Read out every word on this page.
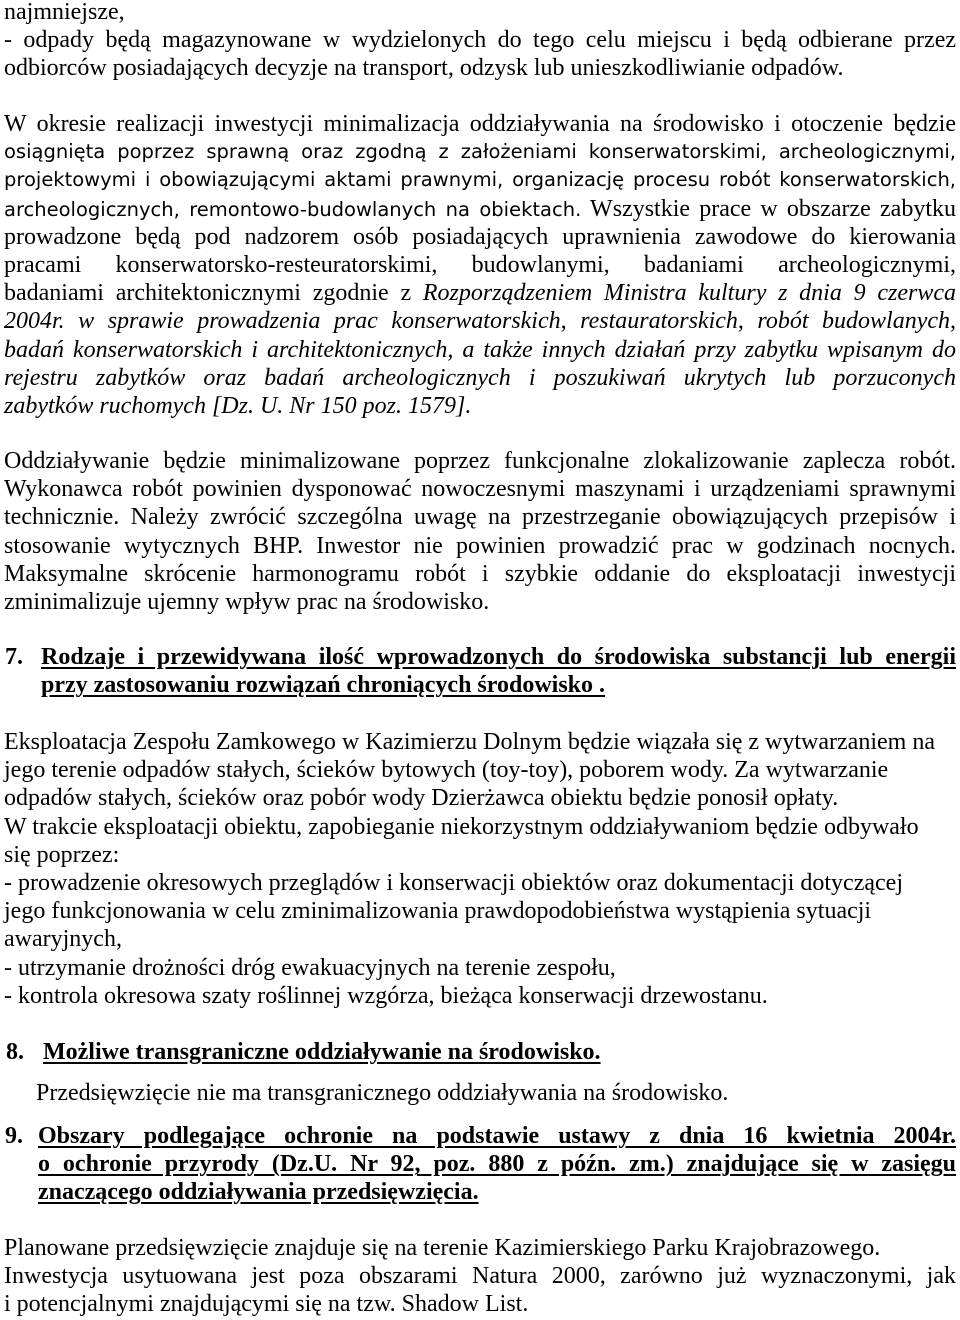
najmniejsze,
- odpady będą magazynowane w wydzielonych do tego celu miejscu i będą odbierane przez
odbiorców posiadających decyzje na transport, odzysk lub unieszkodliwianie odpadów.
W okresie realizacji inwestycji minimalizacja oddziaływania na środowisko i otoczenie będzie
osiągnięta poprzez sprawną oraz zgodną z założeniami konserwatorskimi, archeologicznymi,
projektowymi i obowiązującymi aktami prawnymi, organizację procesu robót konserwatorskich,
archeologicznych, remontowo-budowlanych na obiektach. Wszystkie prace w obszarze zabytku
prowadzone będą pod nadzorem osób posiadających uprawnienia zawodowe do kierowania
pracami konserwatorsko-resteuratorskimi, budowlanymi, badaniami archeologicznymi,
badaniami architektonicznymi zgodnie z Rozporządzeniem Ministra kultury z dnia 9 czerwca
2004r. w sprawie prowadzenia prac konserwatorskich, restauratorskich, robót budowlanych,
badań konserwatorskich i architektonicznych, a także innych działań przy zabytku wpisanym do
rejestru zabytków oraz badań archeologicznych i poszukiwań ukrytych lub porzuconych
zabytków ruchomych [Dz. U. Nr 150 poz. 1579].
Oddziaływanie będzie minimalizowane poprzez funkcjonalne zlokalizowanie zaplecza robót.
Wykonawca robót powinien dysponować nowoczesnymi maszynami i urządzeniami sprawnymi
technicznie. Należy zwrócić szczególna uwagę na przestrzeganie obowiązujących przepisów i
stosowanie wytycznych BHP. Inwestor nie powinien prowadzić prac w godzinach nocnych.
Maksymalne skrócenie harmonogramu robót i szybkie oddanie do eksploatacji inwestycji
zminimalizuje ujemny wpływ prac na środowisko.
7. Rodzaje i przewidywana ilość wprowadzonych do środowiska substancji lub energii
przy zastosowaniu rozwiązań chroniących środowisko .
Eksploatacja Zespołu Zamkowego w Kazimierzu Dolnym będzie wiązała się z wytwarzaniem na
jego terenie odpadów stałych, ścieków bytowych (toy-toy), poborem wody. Za wytwarzanie
odpadów stałych, ścieków oraz pobór wody Dzierżawca obiektu będzie ponosił opłaty.
W trakcie eksploatacji obiektu, zapobieganie niekorzystnym oddziaływaniom będzie odbywało
się poprzez:
- prowadzenie okresowych przeglądów i konserwacji obiektów oraz dokumentacji dotyczącej
jego funkcjonowania w celu zminimalizowania prawdopodobieństwa wystąpienia sytuacji
awaryjnych,
- utrzymanie drożności dróg ewakuacyjnych na terenie zespołu,
- kontrola okresowa szaty roślinnej wzgórza, bieżąca konserwacji drzewostanu.
8. Możliwe transgraniczne oddziaływanie na środowisko.
Przedsięwzięcie nie ma transgranicznego oddziaływania na środowisko.
9. Obszary podlegające ochronie na podstawie ustawy z dnia 16 kwietnia 2004r.
o ochronie przyrody (Dz.U. Nr 92, poz. 880 z późn. zm.) znajdujące się w zasięgu
znaczącego oddziaływania przedsięwzięcia.
Planowane przedsięwzięcie znajduje się na terenie Kazimierskiego Parku Krajobrazowego.
Inwestycja usytuowana jest poza obszarami Natura 2000, zarówno już wyznaczonymi, jak
i potencjalnymi znajdującymi się na tzw. Shadow List.
